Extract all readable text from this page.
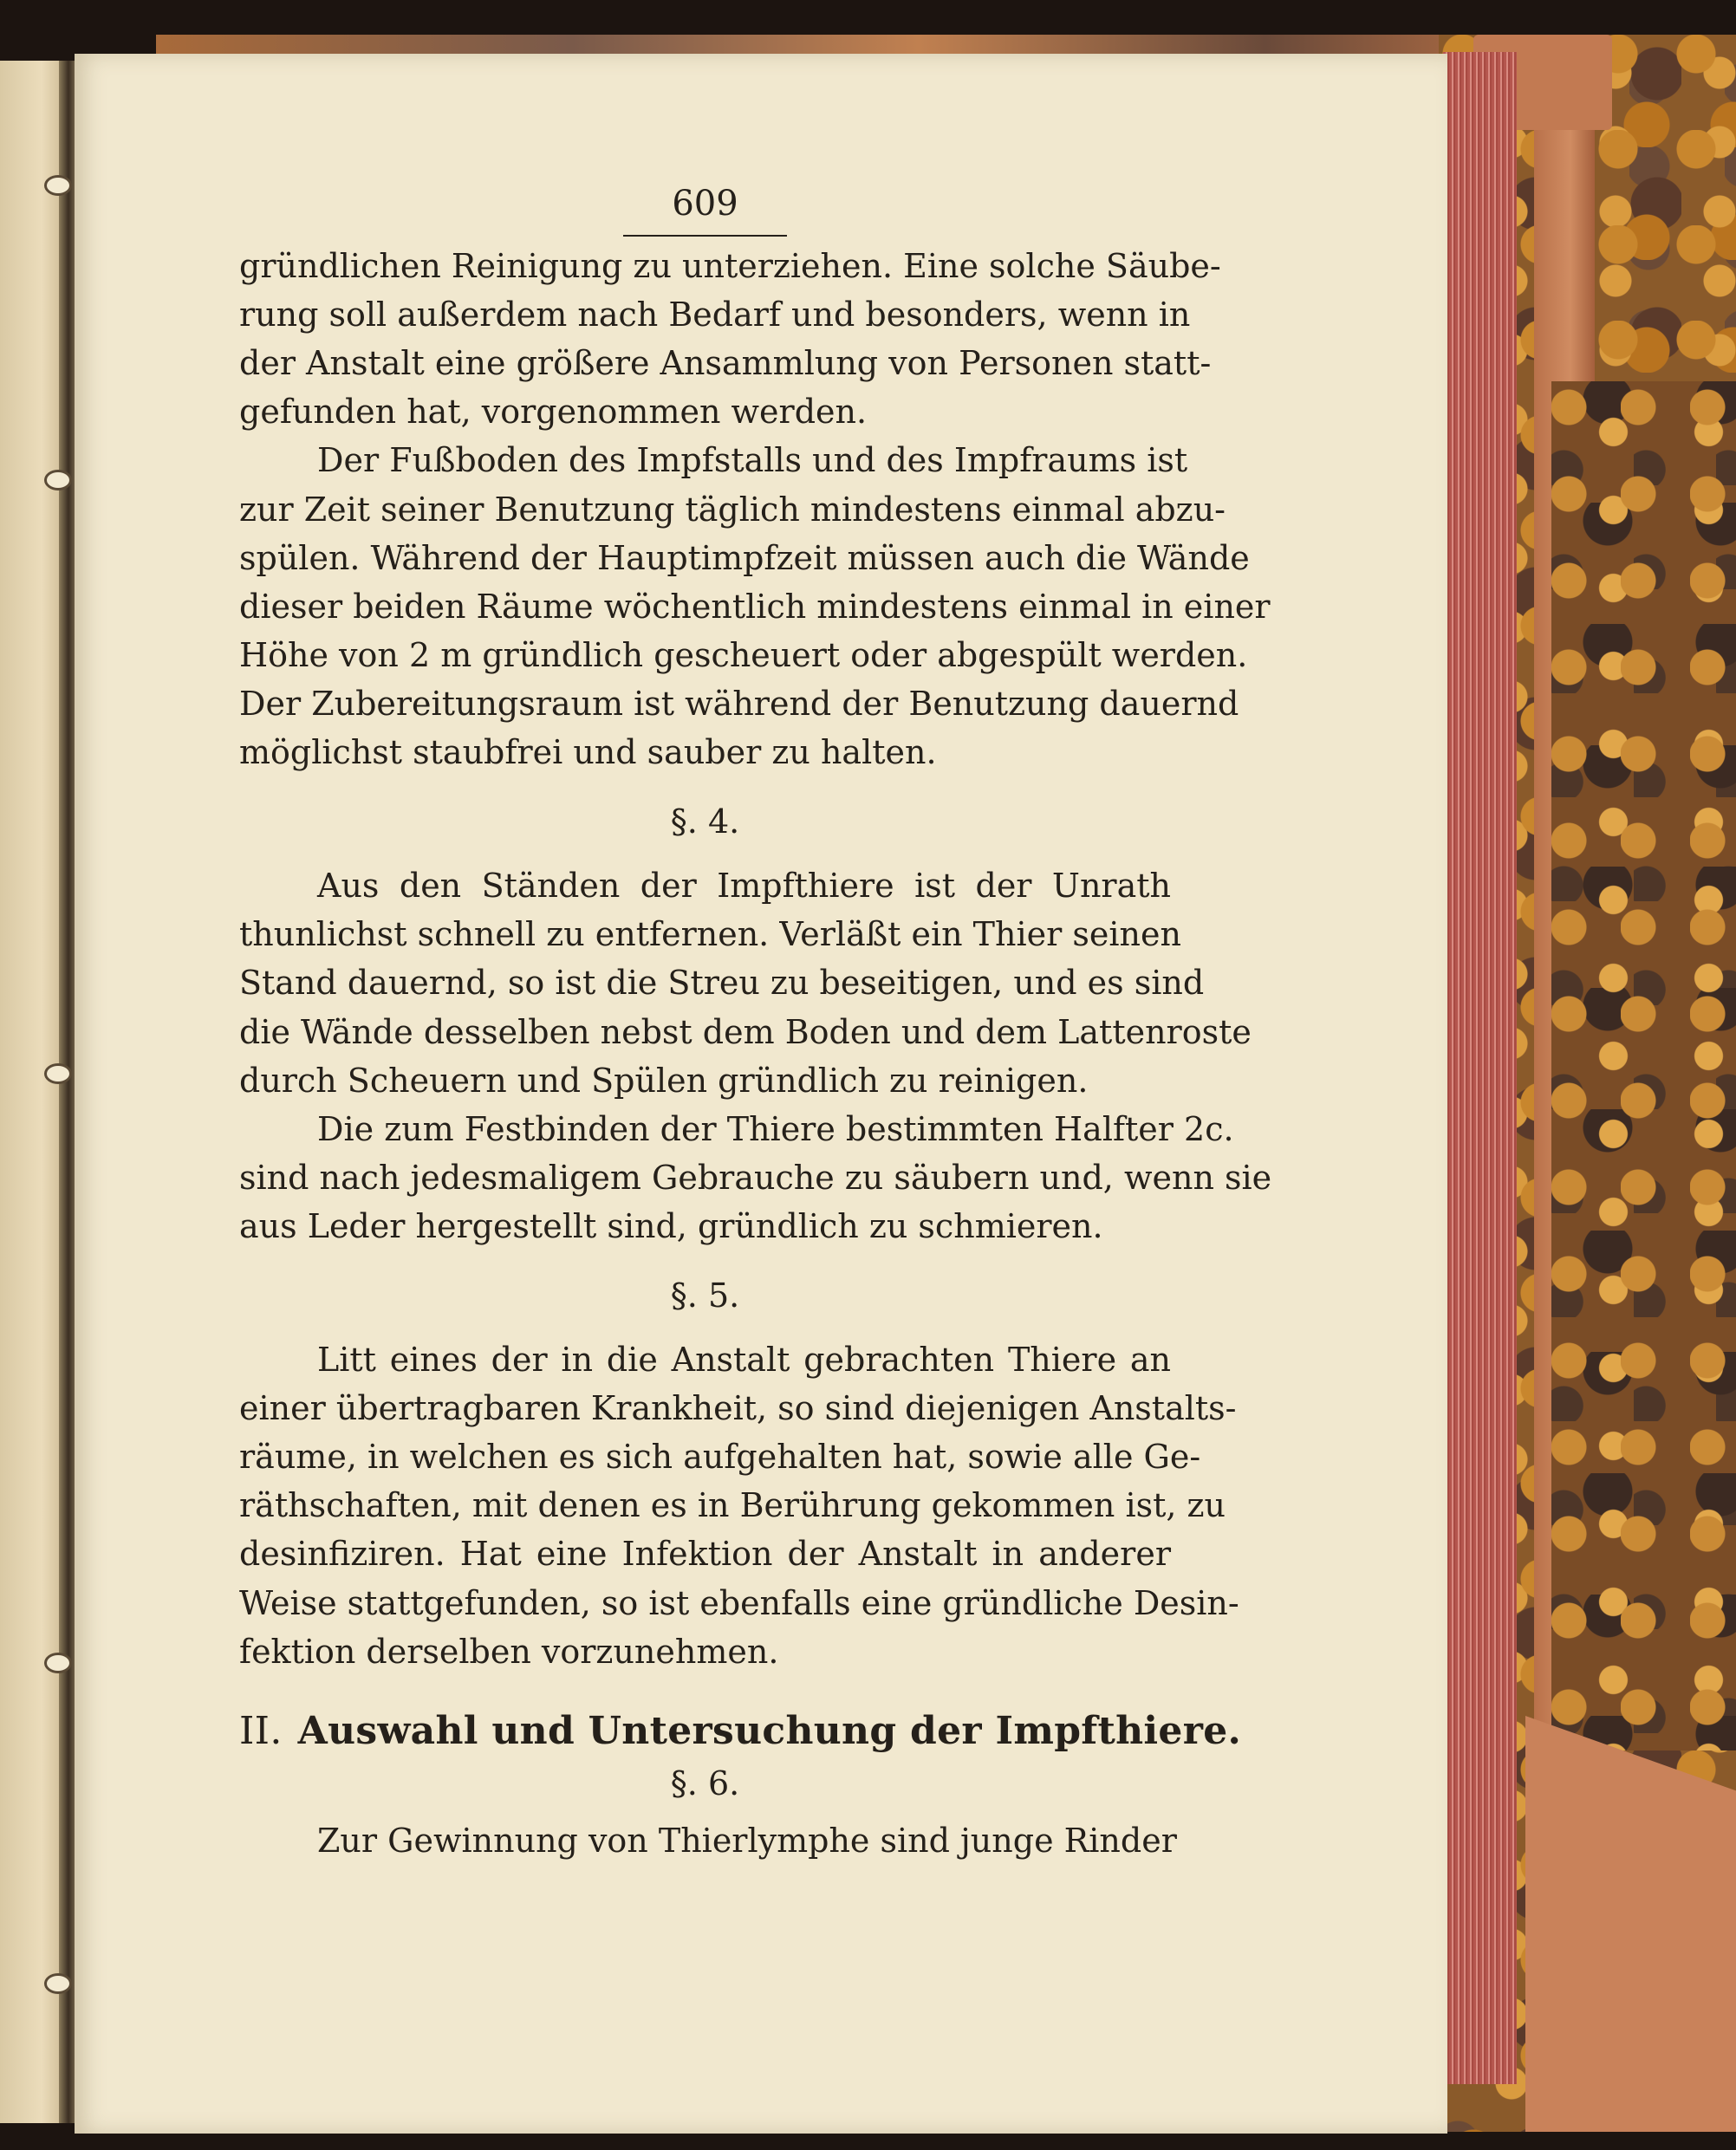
609
gründlichen Reinigung zu unterziehen. Eine solche Säube-
rung soll außerdem nach Bedarf und besonders, wenn in
der Anstalt eine größere Ansammlung von Personen statt-
gefunden hat, vorgenommen werden.
Der Fußboden des Impfstalls und des Impfraums ist
zur Zeit seiner Benutzung täglich mindestens einmal abzu-
spülen. Während der Hauptimpfzeit müssen auch die Wände
dieser beiden Räume wöchentlich mindestens einmal in einer
Höhe von 2 m gründlich gescheuert oder abgespült werden.
Der Zubereitungsraum ist während der Benutzung dauernd
möglichst staubfrei und sauber zu halten.
§. 4.
Aus den Ständen der Impfthiere ist der Unrath
thunlichst schnell zu entfernen. Verläßt ein Thier seinen
Stand dauernd, so ist die Streu zu beseitigen, und es sind
die Wände desselben nebst dem Boden und dem Lattenroste
durch Scheuern und Spülen gründlich zu reinigen.
Die zum Festbinden der Thiere bestimmten Halfter 2c.
sind nach jedesmaligem Gebrauche zu säubern und, wenn sie
aus Leder hergestellt sind, gründlich zu schmieren.
§. 5.
Litt eines der in die Anstalt gebrachten Thiere an
einer übertragbaren Krankheit, so sind diejenigen Anstalts-
räume, in welchen es sich aufgehalten hat, sowie alle Ge-
räthschaften, mit denen es in Berührung gekommen ist, zu
desinfiziren. Hat eine Infektion der Anstalt in anderer
Weise stattgefunden, so ist ebenfalls eine gründliche Desin-
fektion derselben vorzunehmen.
II. Auswahl und Untersuchung der Impfthiere.
§. 6.
Zur Gewinnung von Thierlymphe sind junge Rinder
